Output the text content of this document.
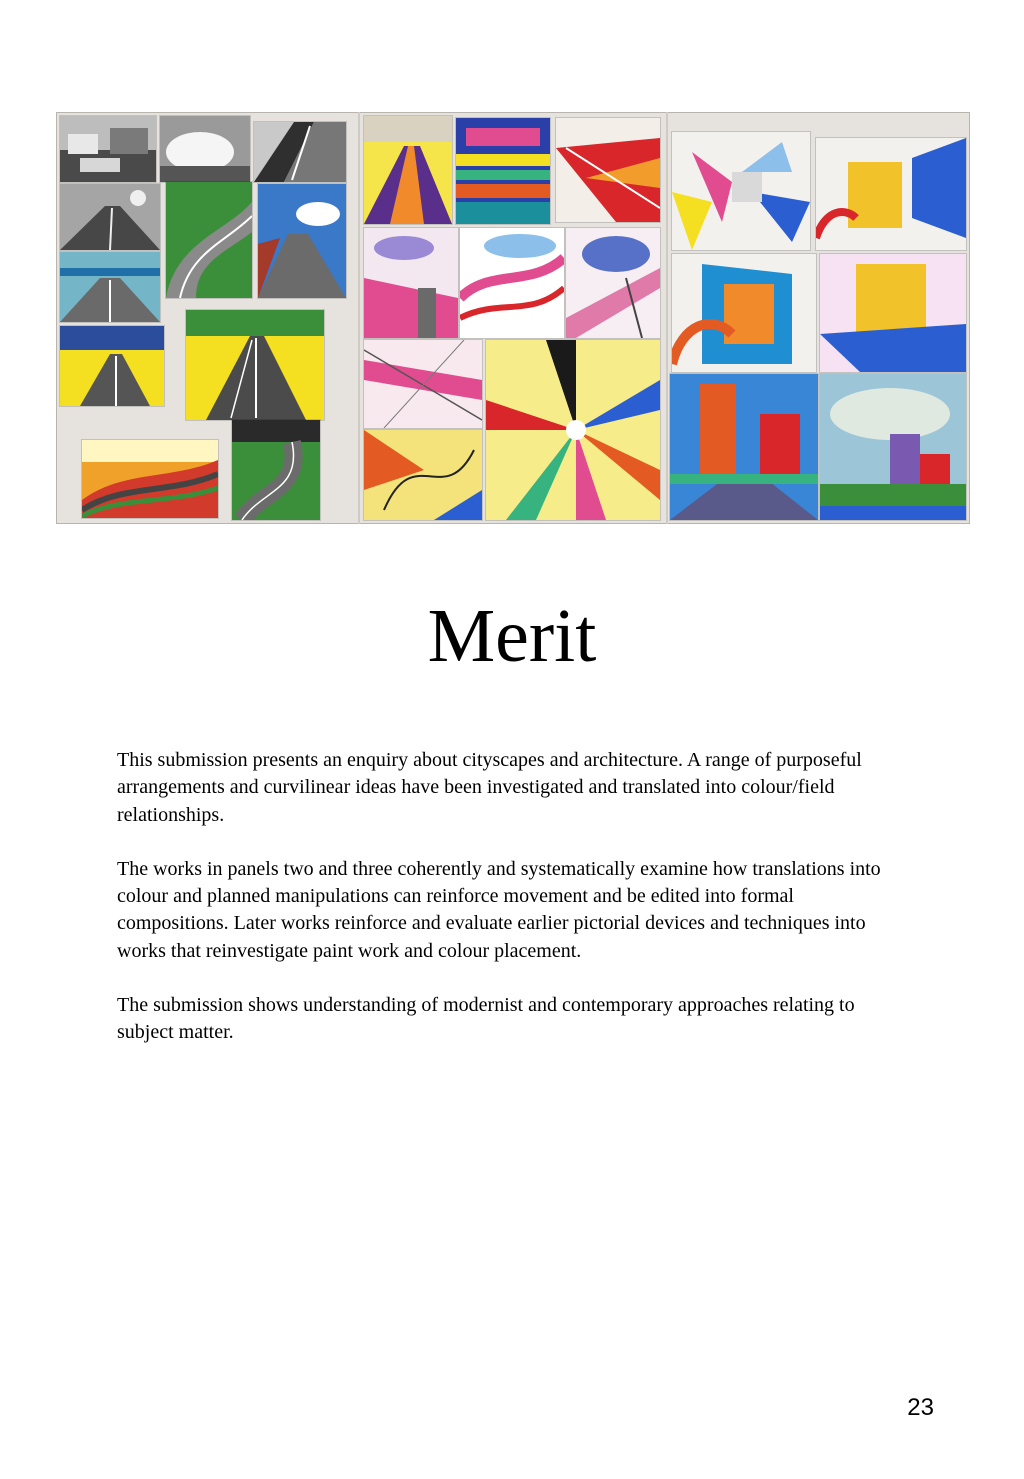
Merit

This submission presents an enquiry about cityscapes and architecture. A range of purposeful arrangements and curvilinear ideas have been investigated and translated into colour/field relationships.

The works in panels two and three coherently and systematically examine how translations into colour and planned manipulations can reinforce movement and be edited into formal compositions. Later works reinforce and evaluate earlier pictorial devices and techniques into works that reinvestigate paint work and colour placement.

The submission shows understanding of modernist and contemporary approaches relating to subject matter.

23
